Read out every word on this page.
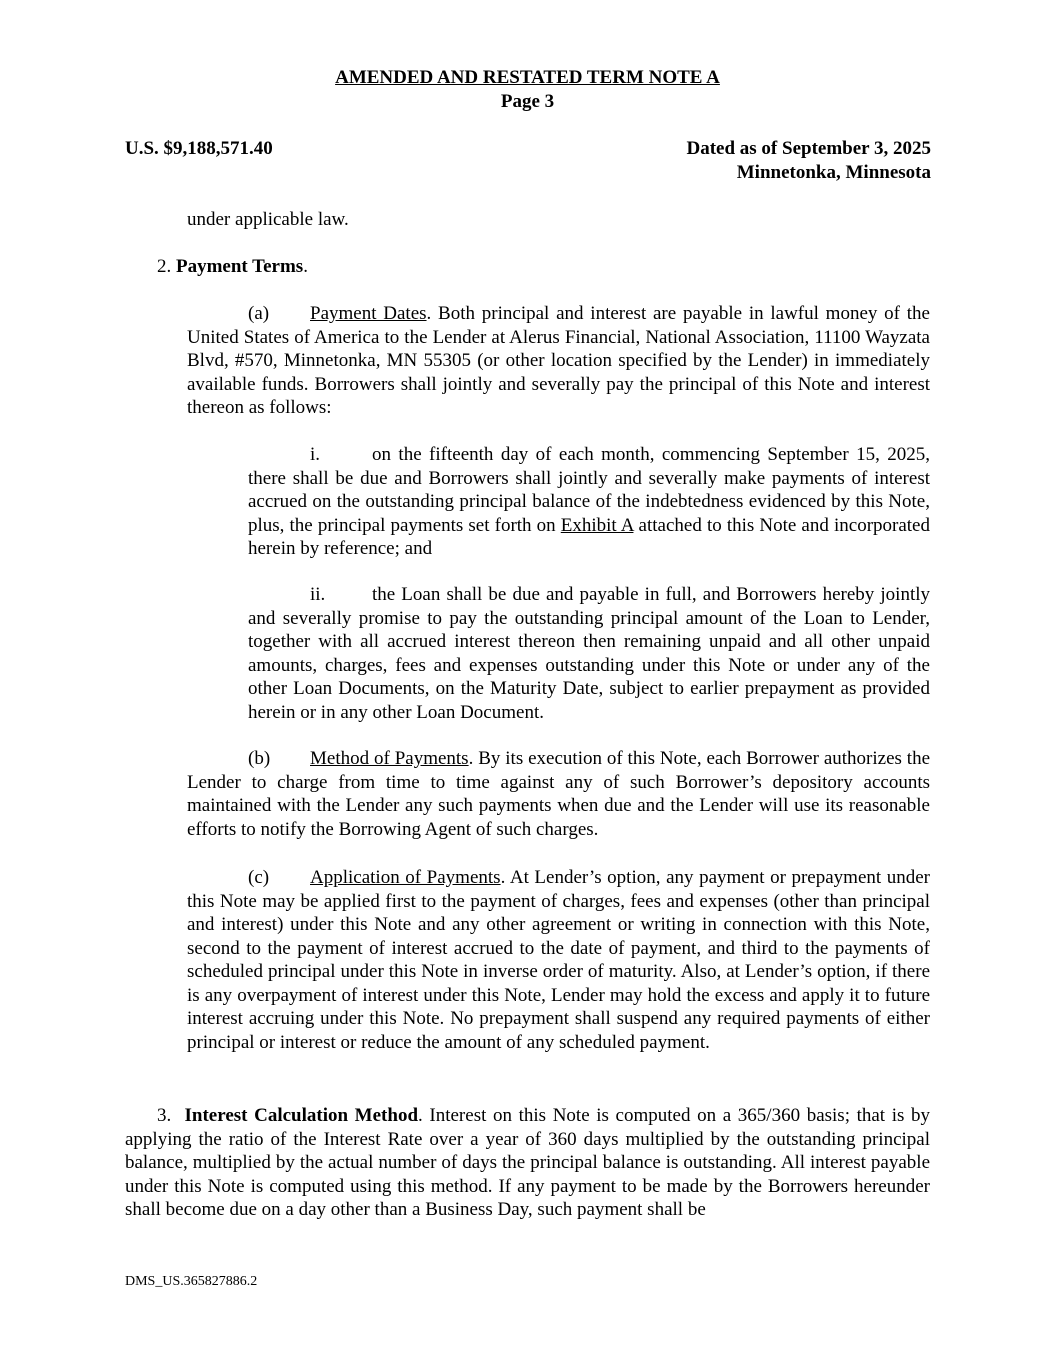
AMENDED AND RESTATED TERM NOTE A
Page 3
U.S. $9,188,571.40	Dated as of September 3, 2025
Minnetonka, Minnesota
under applicable law.
2. Payment Terms.
(a) Payment Dates. Both principal and interest are payable in lawful money of the United States of America to the Lender at Alerus Financial, National Association, 11100 Wayzata Blvd, #570, Minnetonka, MN 55305 (or other location specified by the Lender) in immediately available funds. Borrowers shall jointly and severally pay the principal of this Note and interest thereon as follows:
i.	on the fifteenth day of each month, commencing September 15, 2025, there shall be due and Borrowers shall jointly and severally make payments of interest accrued on the outstanding principal balance of the indebtedness evidenced by this Note, plus, the principal payments set forth on Exhibit A attached to this Note and incorporated herein by reference; and
ii. the Loan shall be due and payable in full, and Borrowers hereby jointly and severally promise to pay the outstanding principal amount of the Loan to Lender, together with all accrued interest thereon then remaining unpaid and all other unpaid amounts, charges, fees and expenses outstanding under this Note or under any of the other Loan Documents, on the Maturity Date, subject to earlier prepayment as provided herein or in any other Loan Document.
(b) Method of Payments. By its execution of this Note, each Borrower authorizes the Lender to charge from time to time against any of such Borrower’s depository accounts maintained with the Lender any such payments when due and the Lender will use its reasonable efforts to notify the Borrowing Agent of such charges.
(c) Application of Payments. At Lender’s option, any payment or prepayment under this Note may be applied first to the payment of charges, fees and expenses (other than principal and interest) under this Note and any other agreement or writing in connection with this Note, second to the payment of interest accrued to the date of payment, and third to the payments of scheduled principal under this Note in inverse order of maturity. Also, at Lender’s option, if there is any overpayment of interest under this Note, Lender may hold the excess and apply it to future interest accruing under this Note. No prepayment shall suspend any required payments of either principal or interest or reduce the amount of any scheduled payment.
3. Interest Calculation Method. Interest on this Note is computed on a 365/360 basis; that is by applying the ratio of the Interest Rate over a year of 360 days multiplied by the outstanding principal balance, multiplied by the actual number of days the principal balance is outstanding. All interest payable under this Note is computed using this method. If any payment to be made by the Borrowers hereunder shall become due on a day other than a Business Day, such payment shall be
DMS_US.365827886.2
